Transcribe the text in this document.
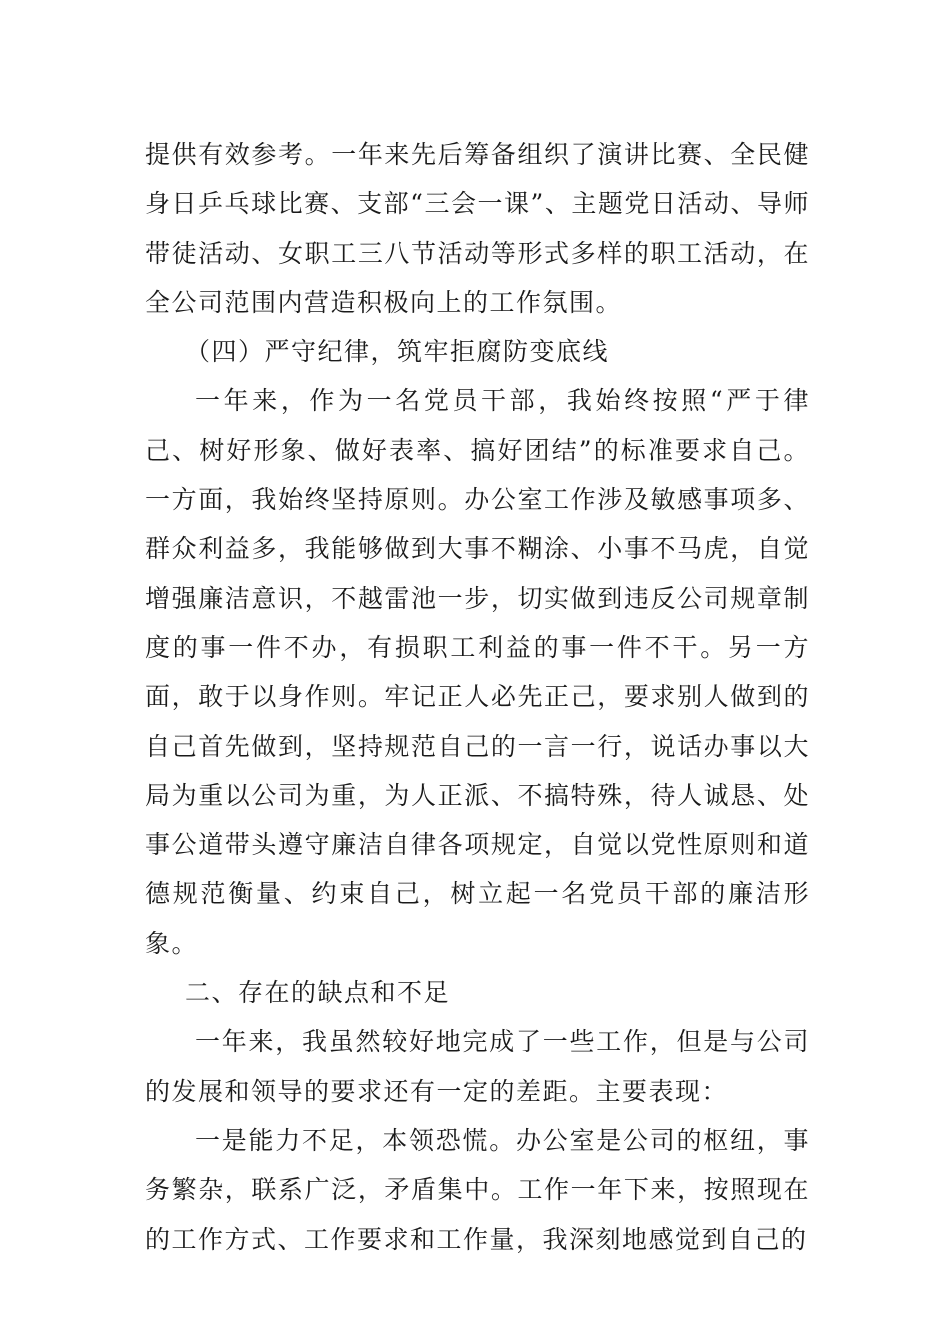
提供有效参考。一年来先后筹备组织了演讲比赛、全民健身日乒乓球比赛、支部“三会一课”、主题党日活动、导师带徒活动、女职工三八节活动等形式多样的职工活动，在全公司范围内营造积极向上的工作氛围。

（四）严守纪律，筑牢拒腐防变底线

一年来，作为一名党员干部，我始终按照“严于律己、树好形象、做好表率、搞好团结”的标准要求自己。一方面，我始终坚持原则。办公室工作涉及敏感事项多、群众利益多，我能够做到大事不糊涂、小事不马虎，自觉增强廉洁意识，不越雷池一步，切实做到违反公司规章制度的事一件不办，有损职工利益的事一件不干。另一方面，敢于以身作则。牢记正人必先正己，要求别人做到的自己首先做到，坚持规范自己的一言一行，说话办事以大局为重以公司为重，为人正派、不搞特殊，待人诚恳、处事公道带头遵守廉洁自律各项规定，自觉以党性原则和道德规范衡量、约束自己，树立起一名党员干部的廉洁形象。

二、存在的缺点和不足

一年来，我虽然较好地完成了一些工作，但是与公司的发展和领导的要求还有一定的差距。主要表现：

一是能力不足，本领恐慌。办公室是公司的枢纽，事务繁杂，联系广泛，矛盾集中。工作一年下来，按照现在的工作方式、工作要求和工作量，我深刻地感觉到自己的
